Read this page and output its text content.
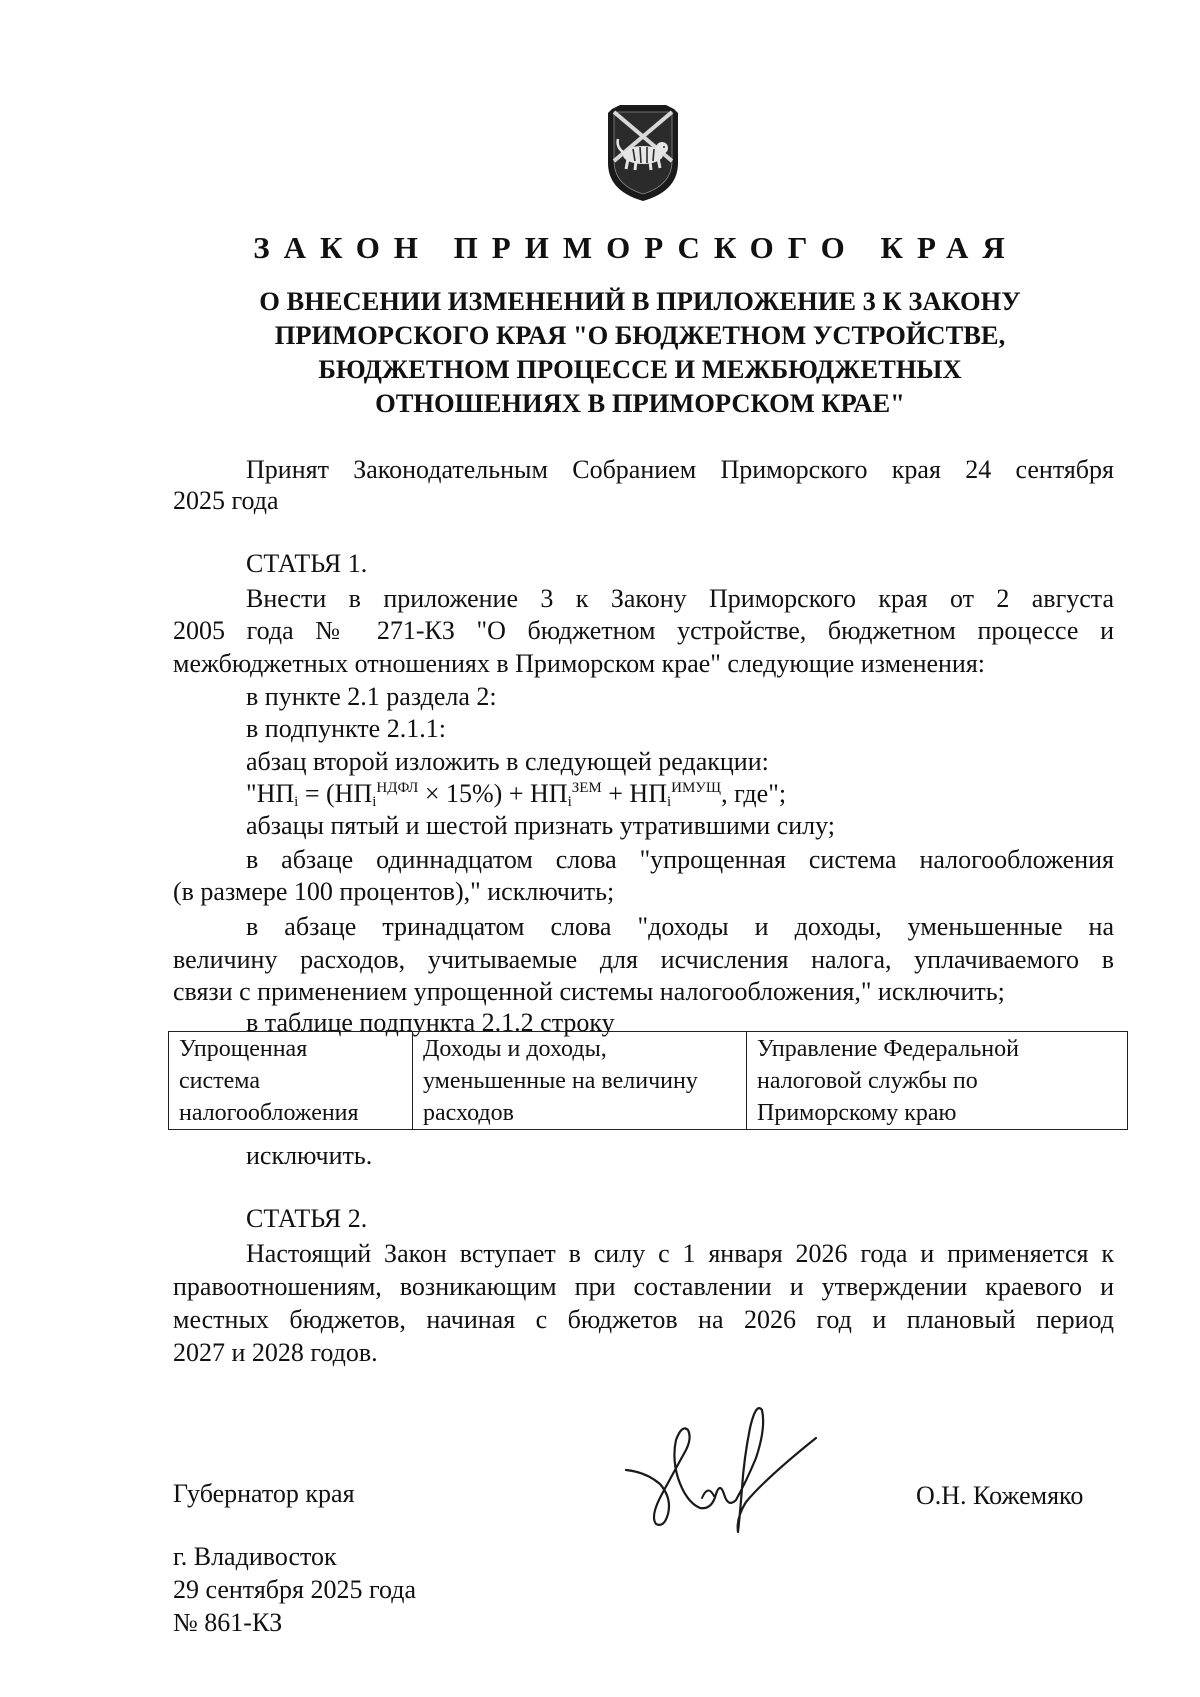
ЗАКОН ПРИМОРСКОГО КРАЯ
О ВНЕСЕНИИ ИЗМЕНЕНИЙ В ПРИЛОЖЕНИЕ 3 К ЗАКОНУ
ПРИМОРСКОГО КРАЯ "О БЮДЖЕТНОМ УСТРОЙСТВЕ,
БЮДЖЕТНОМ ПРОЦЕССЕ И МЕЖБЮДЖЕТНЫХ
ОТНОШЕНИЯХ В ПРИМОРСКОМ КРАЕ"
Принят Законодательным Собранием Приморского края 24 сентября
2025 года
СТАТЬЯ 1.
Внести в приложение 3 к Закону Приморского края от 2 августа
2005 года № 271-КЗ "О бюджетном устройстве, бюджетном процессе и
межбюджетных отношениях в Приморском крае" следующие изменения:
в пункте 2.1 раздела 2:
в подпункте 2.1.1:
абзац второй изложить в следующей редакции:
"$НП_i = (НП_i^{НДФЛ} \times 15\%) + НП_i^{ЗЕМ} + НП_i^{ИМУЩ}$, где";
абзацы пятый и шестой признать утратившими силу;
в абзаце одиннадцатом слова "упрощенная система налогообложения
(в размере 100 процентов)," исключить;
в абзаце тринадцатом слова "доходы и доходы, уменьшенные на
величину расходов, учитываемые для исчисления налога, уплачиваемого в
связи с применением упрощенной системы налогообложения," исключить;
в таблице подпункта 2.1.2 строку
Упрощенная
система
налогообложения

Доходы и доходы,
уменьшенные на величину
расходов

Управление Федеральной
налоговой службы по
Приморскому краю
исключить.
СТАТЬЯ 2.
Настоящий Закон вступает в силу с 1 января 2026 года и применяется к
правоотношениям, возникающим при составлении и утверждении краевого и
местных бюджетов, начиная с бюджетов на 2026 год и плановый период
2027 и 2028 годов.
Губернатор края	О.Н. Кожемяко
г. Владивосток
29 сентября 2025 года
№ 861-КЗ
